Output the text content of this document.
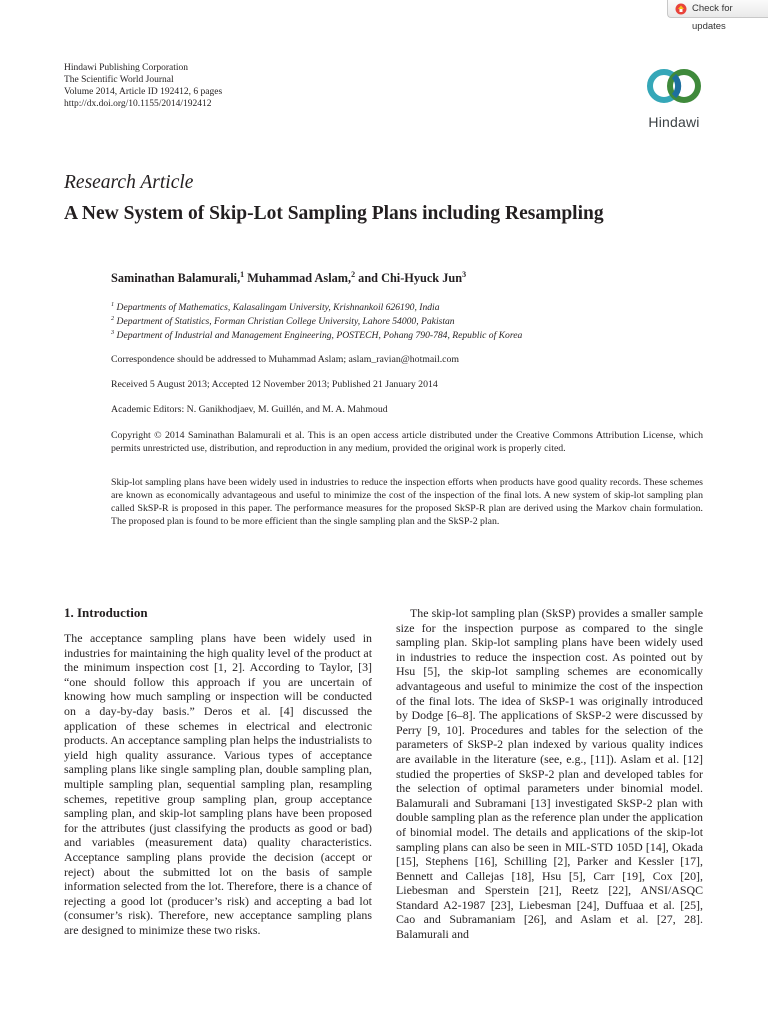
Check for updates
Hindawi Publishing Corporation
The Scientific World Journal
Volume 2014, Article ID 192412, 6 pages
http://dx.doi.org/10.1155/2014/192412
Hindawi
Research Article
A New System of Skip-Lot Sampling Plans including Resampling
Saminathan Balamurali,$^1$ Muhammad Aslam,$^2$ and Chi-Hyuck Jun$^3$
$^1$ Departments of Mathematics, Kalasalingam University, Krishnankoil 626190, India
$^2$ Department of Statistics, Forman Christian College University, Lahore 54000, Pakistan
$^3$ Department of Industrial and Management Engineering, POSTECH, Pohang 790-784, Republic of Korea
Correspondence should be addressed to Muhammad Aslam; aslam_ravian@hotmail.com
Received 5 August 2013; Accepted 12 November 2013; Published 21 January 2014
Academic Editors: N. Ganikhodjaev, M. Guillén, and M. A. Mahmoud
Copyright © 2014 Saminathan Balamurali et al. This is an open access article distributed under the Creative Commons Attribution License, which permits unrestricted use, distribution, and reproduction in any medium, provided the original work is properly cited.
Skip-lot sampling plans have been widely used in industries to reduce the inspection efforts when products have good quality records. These schemes are known as economically advantageous and useful to minimize the cost of the inspection of the final lots. A new system of skip-lot sampling plan called SkSP-R is proposed in this paper. The performance measures for the proposed SkSP-R plan are derived using the Markov chain formulation. The proposed plan is found to be more efficient than the single sampling plan and the SkSP-2 plan.
1. Introduction
The acceptance sampling plans have been widely used in industries for maintaining the high quality level of the product at the minimum inspection cost [1, 2]. According to Taylor, [3] “one should follow this approach if you are uncertain of knowing how much sampling or inspection will be conducted on a day-by-day basis.” Deros et al. [4] discussed the application of these schemes in electrical and electronic products. An acceptance sampling plan helps the industrialists to yield high quality assurance. Various types of acceptance sampling plans like single sampling plan, double sampling plan, multiple sampling plan, sequential sampling plan, resampling schemes, repetitive group sampling plan, group acceptance sampling plan, and skip-lot sampling plans have been proposed for the attributes (just classifying the products as good or bad) and variables (measurement data) quality characteristics. Acceptance sampling plans provide the decision (accept or reject) about the submitted lot on the basis of sample information selected from the lot. Therefore, there is a chance of rejecting a good lot (producer’s risk) and accepting a bad lot (consumer’s risk). Therefore, new acceptance sampling plans are designed to minimize these two risks.
The skip-lot sampling plan (SkSP) provides a smaller sample size for the inspection purpose as compared to the single sampling plan. Skip-lot sampling plans have been widely used in industries to reduce the inspection cost. As pointed out by Hsu [5], the skip-lot sampling schemes are economically advantageous and useful to minimize the cost of the inspection of the final lots. The idea of SkSP-1 was originally introduced by Dodge [6–8]. The applications of SkSP-2 were discussed by Perry [9, 10]. Procedures and tables for the selection of the parameters of SkSP-2 plan indexed by various quality indices are available in the literature (see, e.g., [11]). Aslam et al. [12] studied the properties of SkSP-2 plan and developed tables for the selection of optimal parameters under binomial model. Balamurali and Subramani [13] investigated SkSP-2 plan with double sampling plan as the reference plan under the application of binomial model. The details and applications of the skip-lot sampling plans can also be seen in MIL-STD 105D [14], Okada [15], Stephens [16], Schilling [2], Parker and Kessler [17], Bennett and Callejas [18], Hsu [5], Carr [19], Cox [20], Liebesman and Sperstein [21], Reetz [22], ANSI/ASQC Standard A2-1987 [23], Liebesman [24], Duffuaa et al. [25], Cao and Subramaniam [26], and Aslam et al. [27, 28]. Balamurali and
